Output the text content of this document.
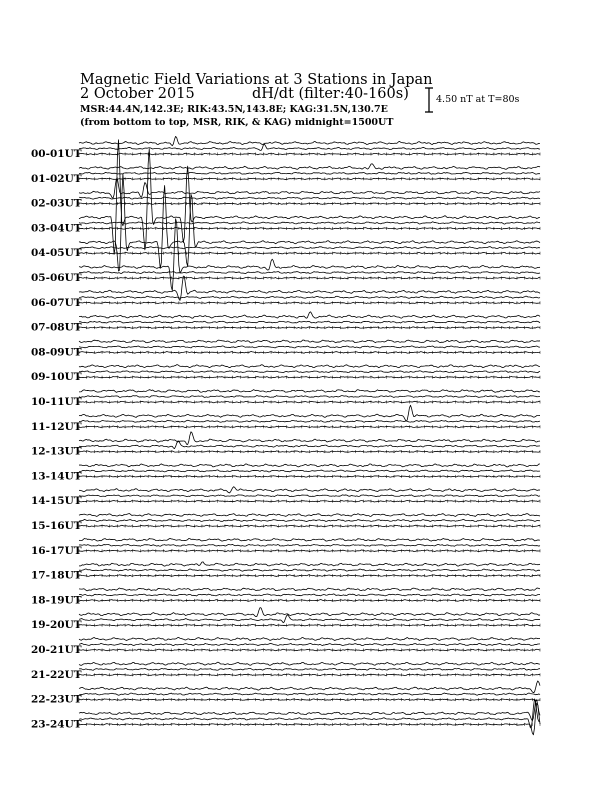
Magnetic Field Variations at 3 Stations in Japan
2 October 2015	dH/dt (filter:40-160s)
MSR:44.4N,142.3E; RIK:43.5N,143.8E; KAG:31.5N,130.7E
(from bottom to top, MSR, RIK, & KAG) midnight=1500UT
4.50 nT at T=80s
00-01UT
01-02UT
02-03UT
03-04UT
04-05UT
05-06UT
06-07UT
07-08UT
08-09UT
09-10UT
10-11UT
11-12UT
12-13UT
13-14UT
14-15UT
15-16UT
16-17UT
17-18UT
18-19UT
19-20UT
20-21UT
21-22UT
22-23UT
23-24UT
